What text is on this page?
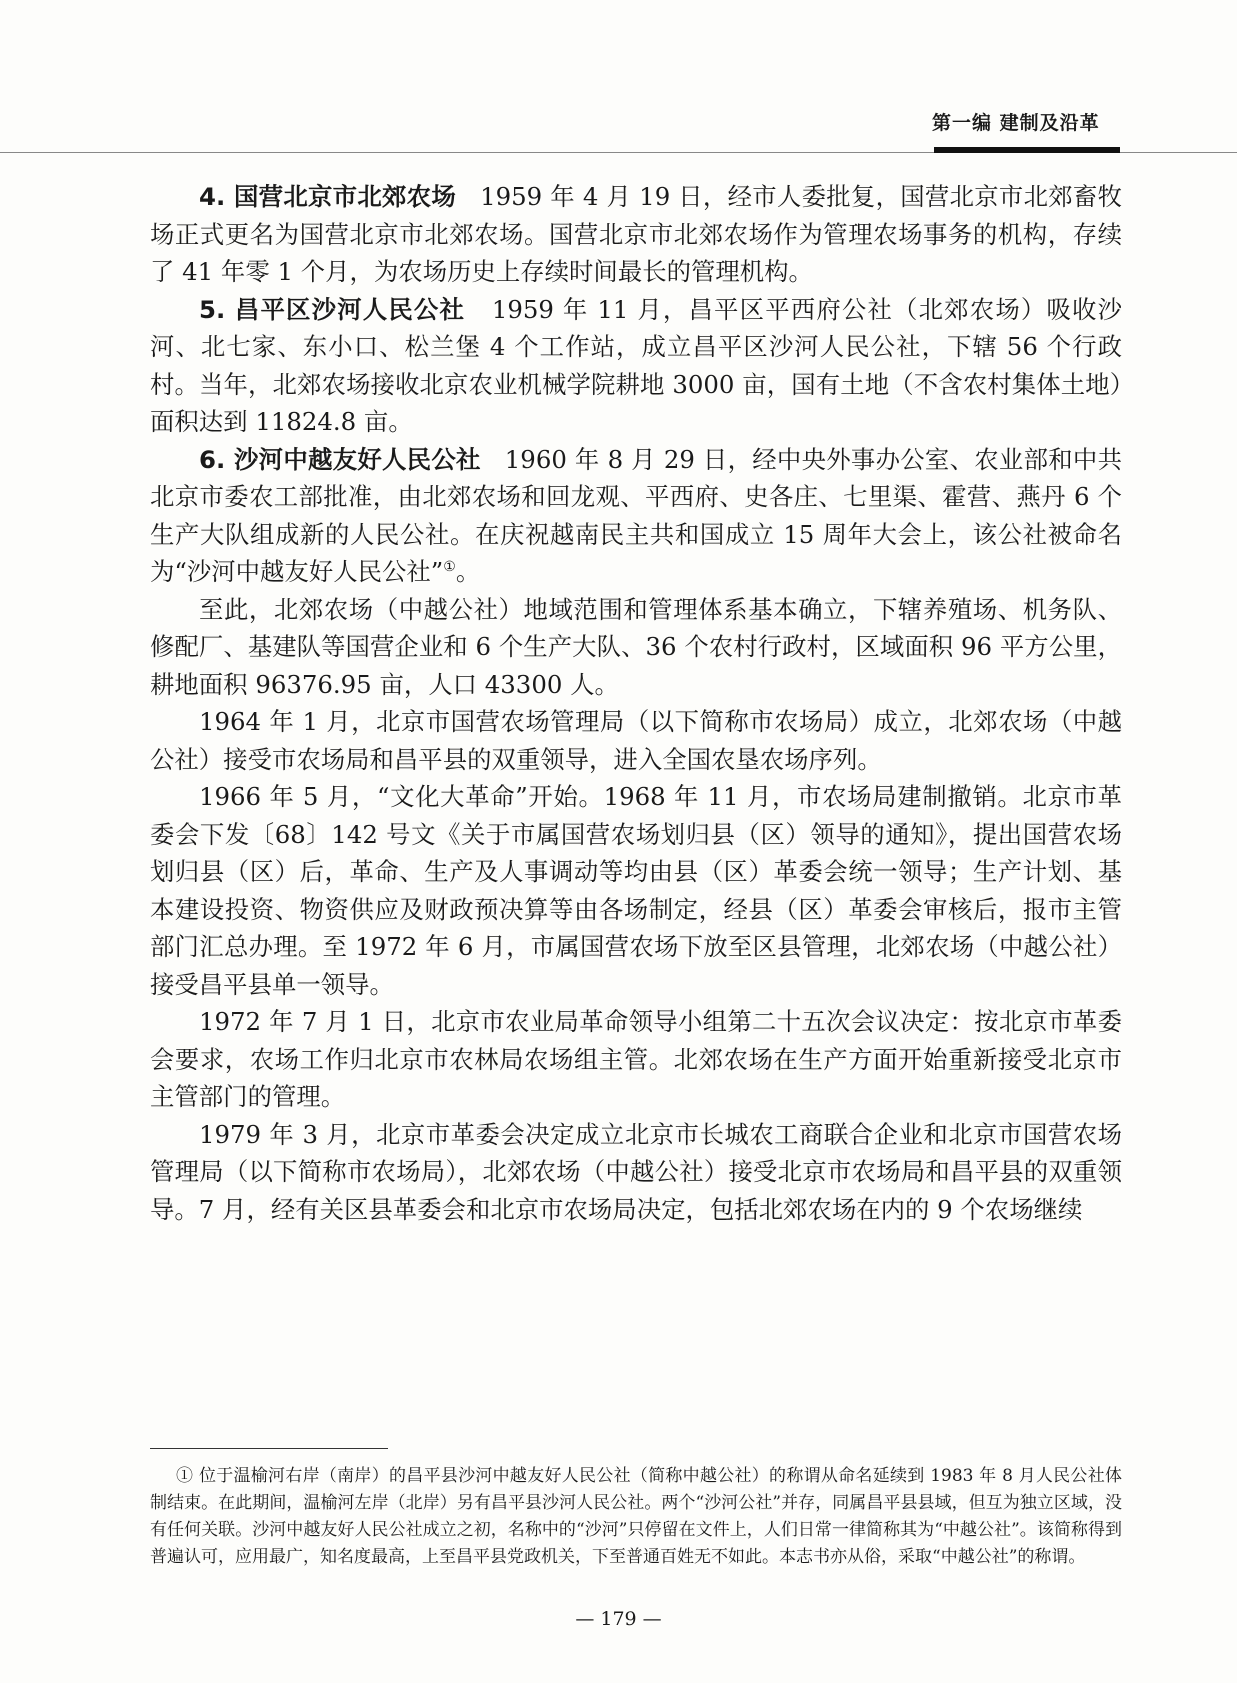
第一编 建制及沿革

4. 国营北京市北郊农场 1959 年 4 月 19 日，经市人委批复，国营北京市北郊畜牧场正式更名为国营北京市北郊农场。国营北京市北郊农场作为管理农场事务的机构，存续了 41 年零 1 个月，为农场历史上存续时间最长的管理机构。

5. 昌平区沙河人民公社 1959 年 11 月，昌平区平西府公社（北郊农场）吸收沙河、北七家、东小口、松兰堡 4 个工作站，成立昌平区沙河人民公社，下辖 56 个行政村。当年，北郊农场接收北京农业机械学院耕地 3000 亩，国有土地（不含农村集体土地）面积达到 11824.8 亩。

6. 沙河中越友好人民公社 1960 年 8 月 29 日，经中央外事办公室、农业部和中共北京市委农工部批准，由北郊农场和回龙观、平西府、史各庄、七里渠、霍营、燕丹 6 个生产大队组成新的人民公社。在庆祝越南民主共和国成立 15 周年大会上，该公社被命名为“沙河中越友好人民公社”①。

至此，北郊农场（中越公社）地域范围和管理体系基本确立，下辖养殖场、机务队、修配厂、基建队等国营企业和 6 个生产大队、36 个农村行政村，区域面积 96 平方公里，耕地面积 96376.95 亩，人口 43300 人。

1964 年 1 月，北京市国营农场管理局（以下简称市农场局）成立，北郊农场（中越公社）接受市农场局和昌平县的双重领导，进入全国农垦农场序列。

1966 年 5 月，“文化大革命”开始。1968 年 11 月，市农场局建制撤销。北京市革委会下发〔68〕142 号文《关于市属国营农场划归县（区）领导的通知》，提出国营农场划归县（区）后，革命、生产及人事调动等均由县（区）革委会统一领导；生产计划、基本建设投资、物资供应及财政预决算等由各场制定，经县（区）革委会审核后，报市主管部门汇总办理。至 1972 年 6 月，市属国营农场下放至区县管理，北郊农场（中越公社）接受昌平县单一领导。

1972 年 7 月 1 日，北京市农业局革命领导小组第二十五次会议决定：按北京市革委会要求，农场工作归北京市农林局农场组主管。北郊农场在生产方面开始重新接受北京市主管部门的管理。

1979 年 3 月，北京市革委会决定成立北京市长城农工商联合企业和北京市国营农场管理局（以下简称市农场局），北郊农场（中越公社）接受北京市农场局和昌平县的双重领导。7 月，经有关区县革委会和北京市农场局决定，包括北郊农场在内的 9 个农场继续

① 位于温榆河右岸（南岸）的昌平县沙河中越友好人民公社（简称中越公社）的称谓从命名延续到 1983 年 8 月人民公社体制结束。在此期间，温榆河左岸（北岸）另有昌平县沙河人民公社。两个“沙河公社”并存，同属昌平县县域，但互为独立区域，没有任何关联。沙河中越友好人民公社成立之初，名称中的“沙河”只停留在文件上，人们日常一律简称其为“中越公社”。该简称得到普遍认可，应用最广，知名度最高，上至昌平县党政机关，下至普通百姓无不如此。本志书亦从俗，采取“中越公社”的称谓。

— 179 —
